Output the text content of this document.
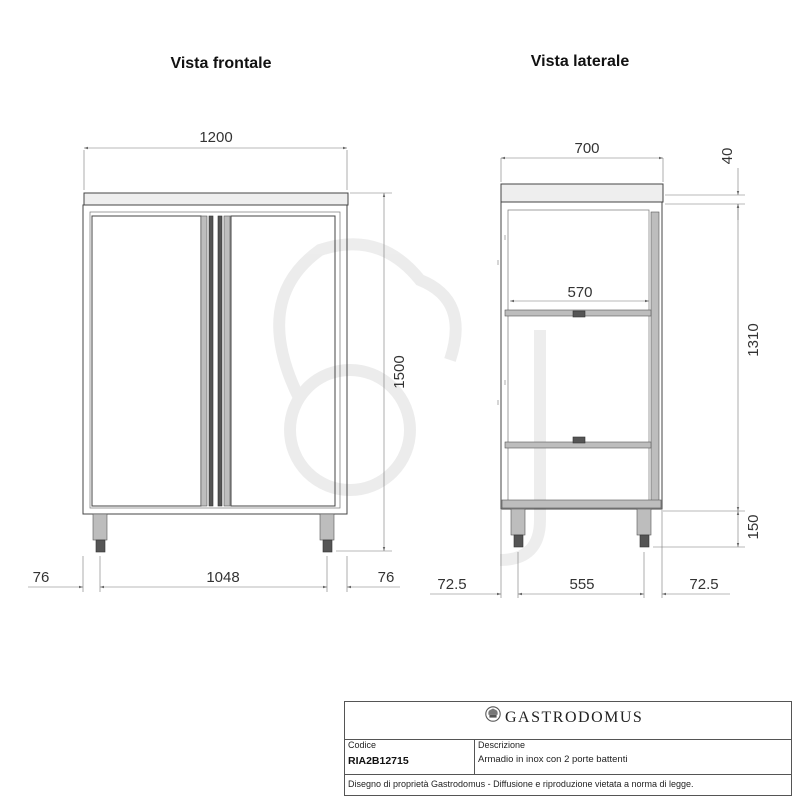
Vista frontale
1200
1500
76	1048	76
Vista laterale
700	40
570
1310
150
72.5	555	72.5
GASTRODOMUS
Codice
RIA2B12715
Descrizione
Armadio in inox con 2 porte battenti
Disegno di proprietà Gastrodomus - Diffusione e riproduzione vietata a norma di legge.
